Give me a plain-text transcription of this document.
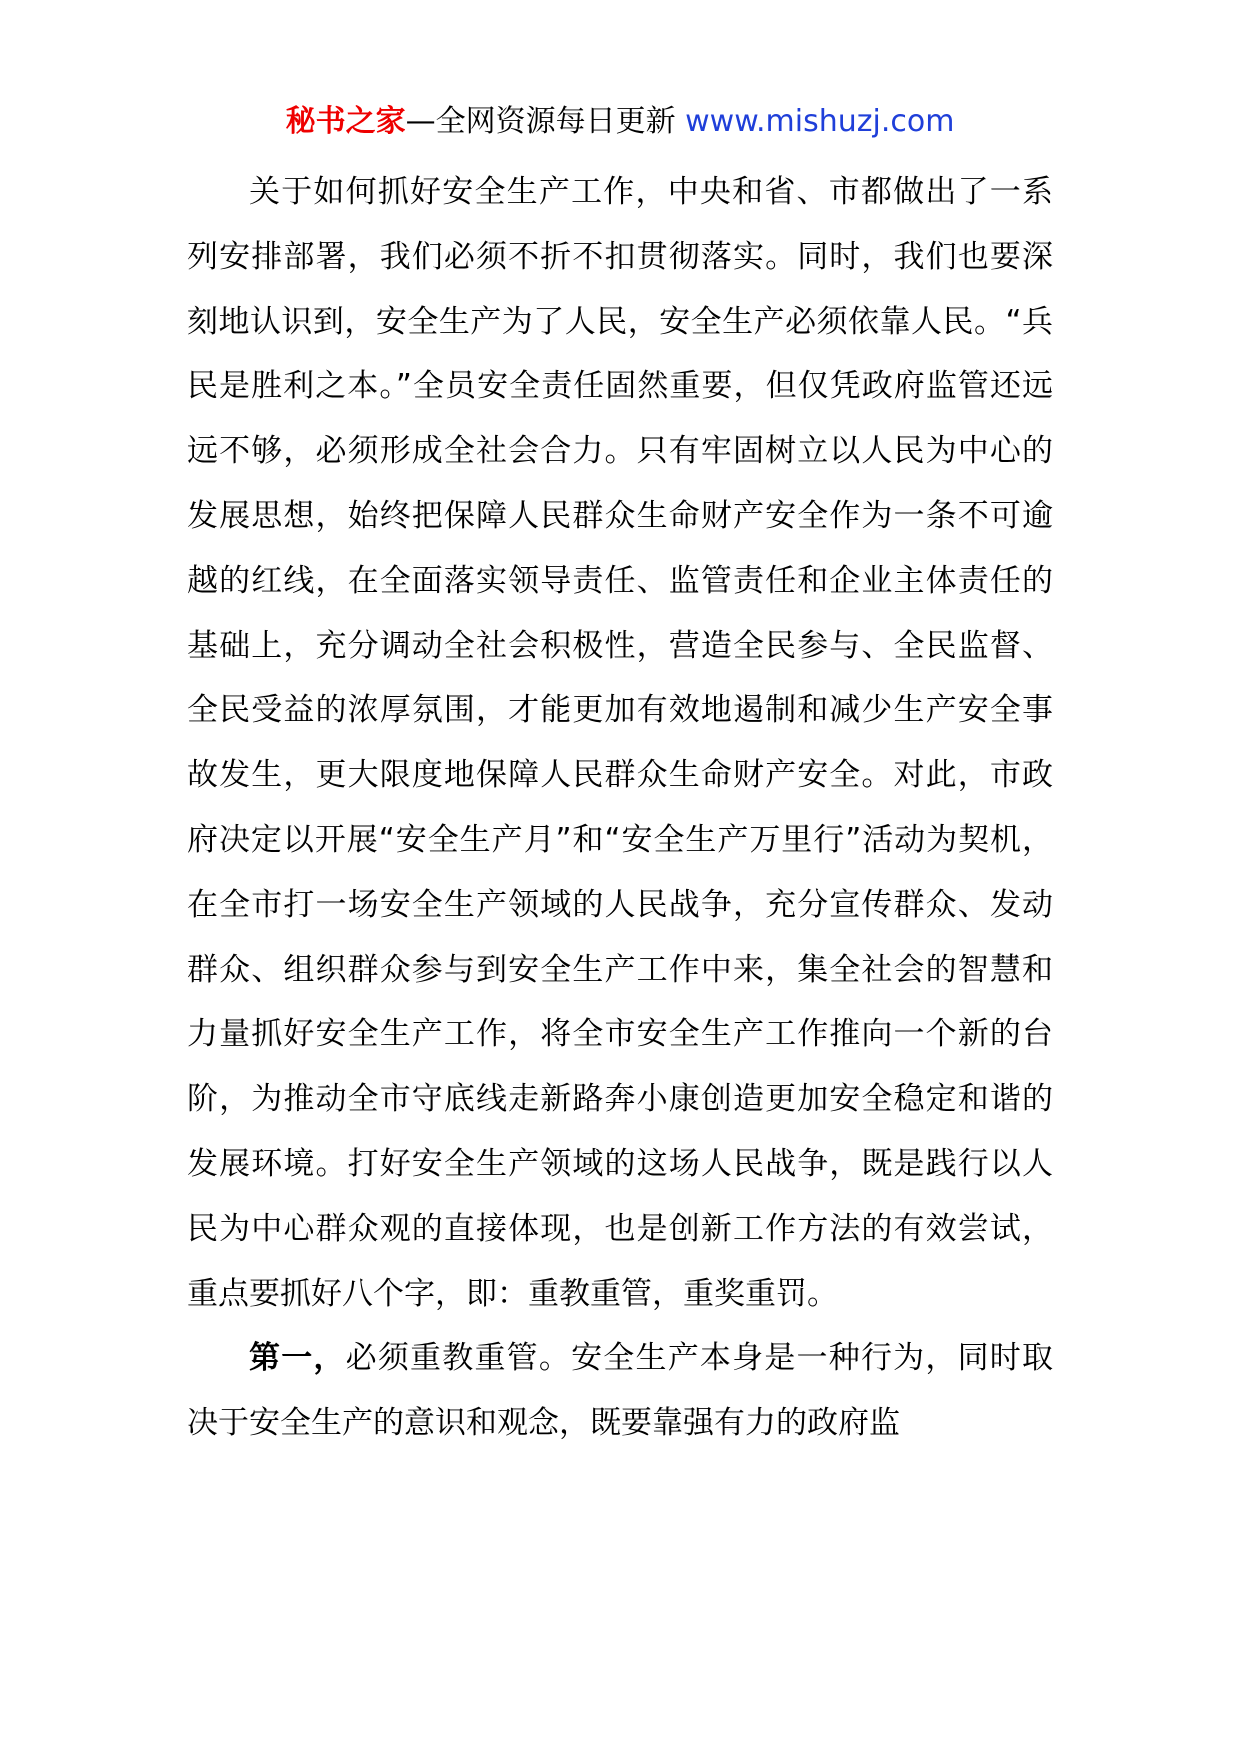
秘书之家—全网资源每日更新 www.mishuzj.com

关于如何抓好安全生产工作，中央和省、市都做出了一系列安排部署，我们必须不折不扣贯彻落实。同时，我们也要深刻地认识到，安全生产为了人民，安全生产必须依靠人民。“兵民是胜利之本。”全员安全责任固然重要，但仅凭政府监管还远远不够，必须形成全社会合力。只有牢固树立以人民为中心的发展思想，始终把保障人民群众生命财产安全作为一条不可逾越的红线，在全面落实领导责任、监管责任和企业主体责任的基础上，充分调动全社会积极性，营造全民参与、全民监督、全民受益的浓厚氛围，才能更加有效地遏制和减少生产安全事故发生，更大限度地保障人民群众生命财产安全。对此，市政府决定以开展“安全生产月”和“安全生产万里行”活动为契机，在全市打一场安全生产领域的人民战争，充分宣传群众、发动群众、组织群众参与到安全生产工作中来，集全社会的智慧和力量抓好安全生产工作，将全市安全生产工作推向一个新的台阶，为推动全市守底线走新路奔小康创造更加安全稳定和谐的发展环境。打好安全生产领域的这场人民战争，既是践行以人民为中心群众观的直接体现，也是创新工作方法的有效尝试，重点要抓好八个字，即：重教重管，重奖重罚。

第一，必须重教重管。安全生产本身是一种行为，同时取决于安全生产的意识和观念，既要靠强有力的政府监
